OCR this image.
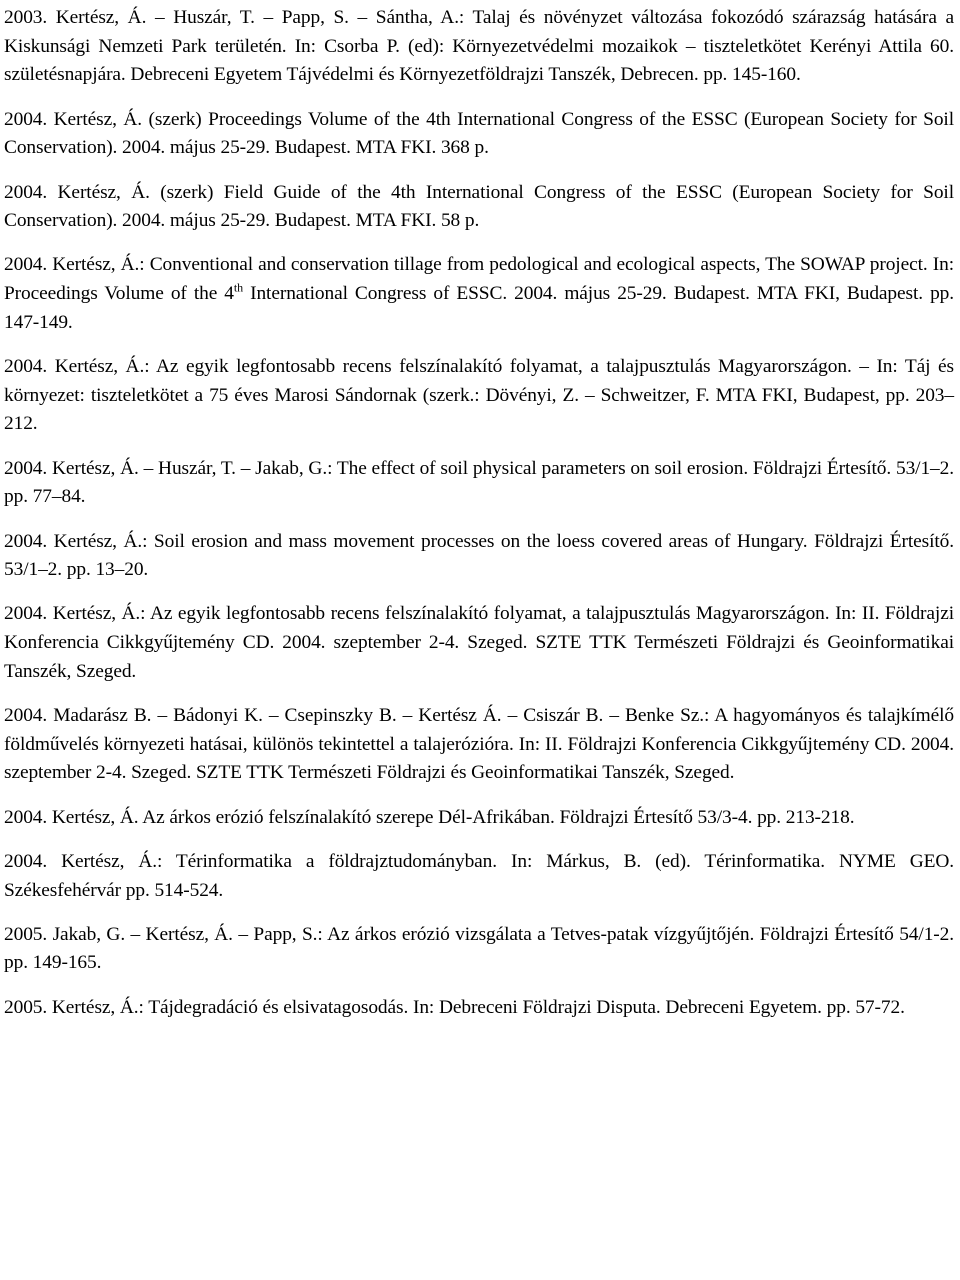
2003. Kertész, Á. – Huszár, T. – Papp, S. – Sántha, A.: Talaj és növényzet változása fokozódó szárazság hatására a Kiskunsági Nemzeti Park területén. In: Csorba P. (ed): Környezetvédelmi mozaikok – tiszteletkötet Kerényi Attila 60. születésnapjára. Debreceni Egyetem Tájvédelmi és Környezetföldrajzi Tanszék, Debrecen. pp. 145-160.

2004. Kertész, Á. (szerk) Proceedings Volume of the 4th International Congress of the ESSC (European Society for Soil Conservation). 2004. május 25-29. Budapest. MTA FKI. 368 p.

2004. Kertész, Á. (szerk) Field Guide of the 4th International Congress of the ESSC (European Society for Soil Conservation). 2004. május 25-29. Budapest. MTA FKI. 58 p.

2004. Kertész, Á.: Conventional and conservation tillage from pedological and ecological aspects, The SOWAP project. In: Proceedings Volume of the 4th International Congress of ESSC. 2004. május 25-29. Budapest. MTA FKI, Budapest. pp. 147-149.

2004. Kertész, Á.: Az egyik legfontosabb recens felszínalakító folyamat, a talajpusztulás Magyarországon. – In: Táj és környezet: tiszteletkötet a 75 éves Marosi Sándornak (szerk.: Dövényi, Z. – Schweitzer, F. MTA FKI, Budapest, pp. 203–212.

2004. Kertész, Á. – Huszár, T. – Jakab, G.: The effect of soil physical parameters on soil erosion. Földrajzi Értesítő. 53/1–2. pp. 77–84.

2004. Kertész, Á.: Soil erosion and mass movement processes on the loess covered areas of Hungary. Földrajzi Értesítő. 53/1–2. pp. 13–20.

2004. Kertész, Á.: Az egyik legfontosabb recens felszínalakító folyamat, a talajpusztulás Magyarországon. In: II. Földrajzi Konferencia Cikkgyűjtemény CD. 2004. szeptember 2-4. Szeged. SZTE TTK Természeti Földrajzi és Geoinformatikai Tanszék, Szeged.

2004. Madarász B. – Bádonyi K. – Csepinszky B. – Kertész Á. – Csiszár B. – Benke Sz.: A hagyományos és talajkímélő földművelés környezeti hatásai, különös tekintettel a talajerózióra. In: II. Földrajzi Konferencia Cikkgyűjtemény CD. 2004. szeptember 2-4. Szeged. SZTE TTK Természeti Földrajzi és Geoinformatikai Tanszék, Szeged.

2004. Kertész, Á. Az árkos erózió felszínalakító szerepe Dél-Afrikában. Földrajzi Értesítő 53/3-4. pp. 213-218.

2004. Kertész, Á.: Térinformatika a földrajztudományban. In: Márkus, B. (ed). Térinformatika. NYME GEO. Székesfehérvár pp. 514-524.

2005. Jakab, G. – Kertész, Á. – Papp, S.: Az árkos erózió vizsgálata a Tetves-patak vízgyűjtőjén. Földrajzi Értesítő 54/1-2. pp. 149-165.

2005. Kertész, Á.: Tájdegradáció és elsivatagosodás. In: Debreceni Földrajzi Disputa. Debreceni Egyetem. pp. 57-72.
